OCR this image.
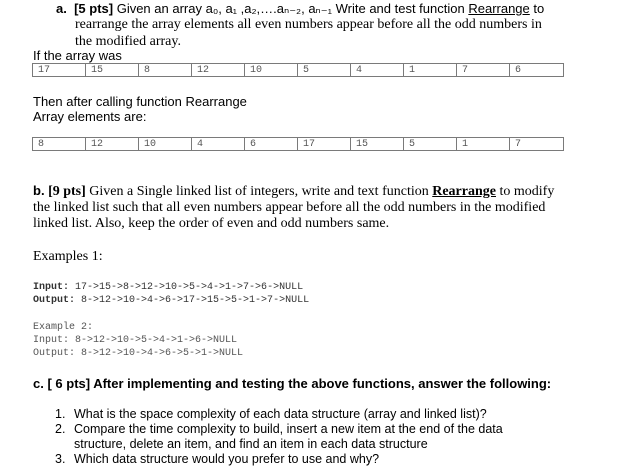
a. [5 pts] Given an array a₀, a₁ ,a₂,….aₙ₋₂, aₙ₋₁ Write and test function Rearrange to
rearrange the array elements all even numbers appear before all the odd numbers in
the modified array.
If the array was
17	15	8	12	10	5	4	1	7	6
Then after calling function Rearrange
Array elements are:
8	12	10	4	6	17	15	5	1	7
b. [9 pts] Given a Single linked list of integers, write and text function Rearrange to modify
the linked list such that all even numbers appear before all the odd numbers in the modified
linked list. Also, keep the order of even and odd numbers same.
Examples 1:
Input: 17->15->8->12->10->5->4->1->7->6->NULL
Output: 8->12->10->4->6->17->15->5->1->7->NULL
Example 2:
Input: 8->12->10->5->4->1->6->NULL
Output: 8->12->10->4->6->5->1->NULL
c. [ 6 pts] After implementing and testing the above functions, answer the following:
1. What is the space complexity of each data structure (array and linked list)?
2. Compare the time complexity to build, insert a new item at the end of the data
structure, delete an item, and find an item in each data structure
3. Which data structure would you prefer to use and why?
